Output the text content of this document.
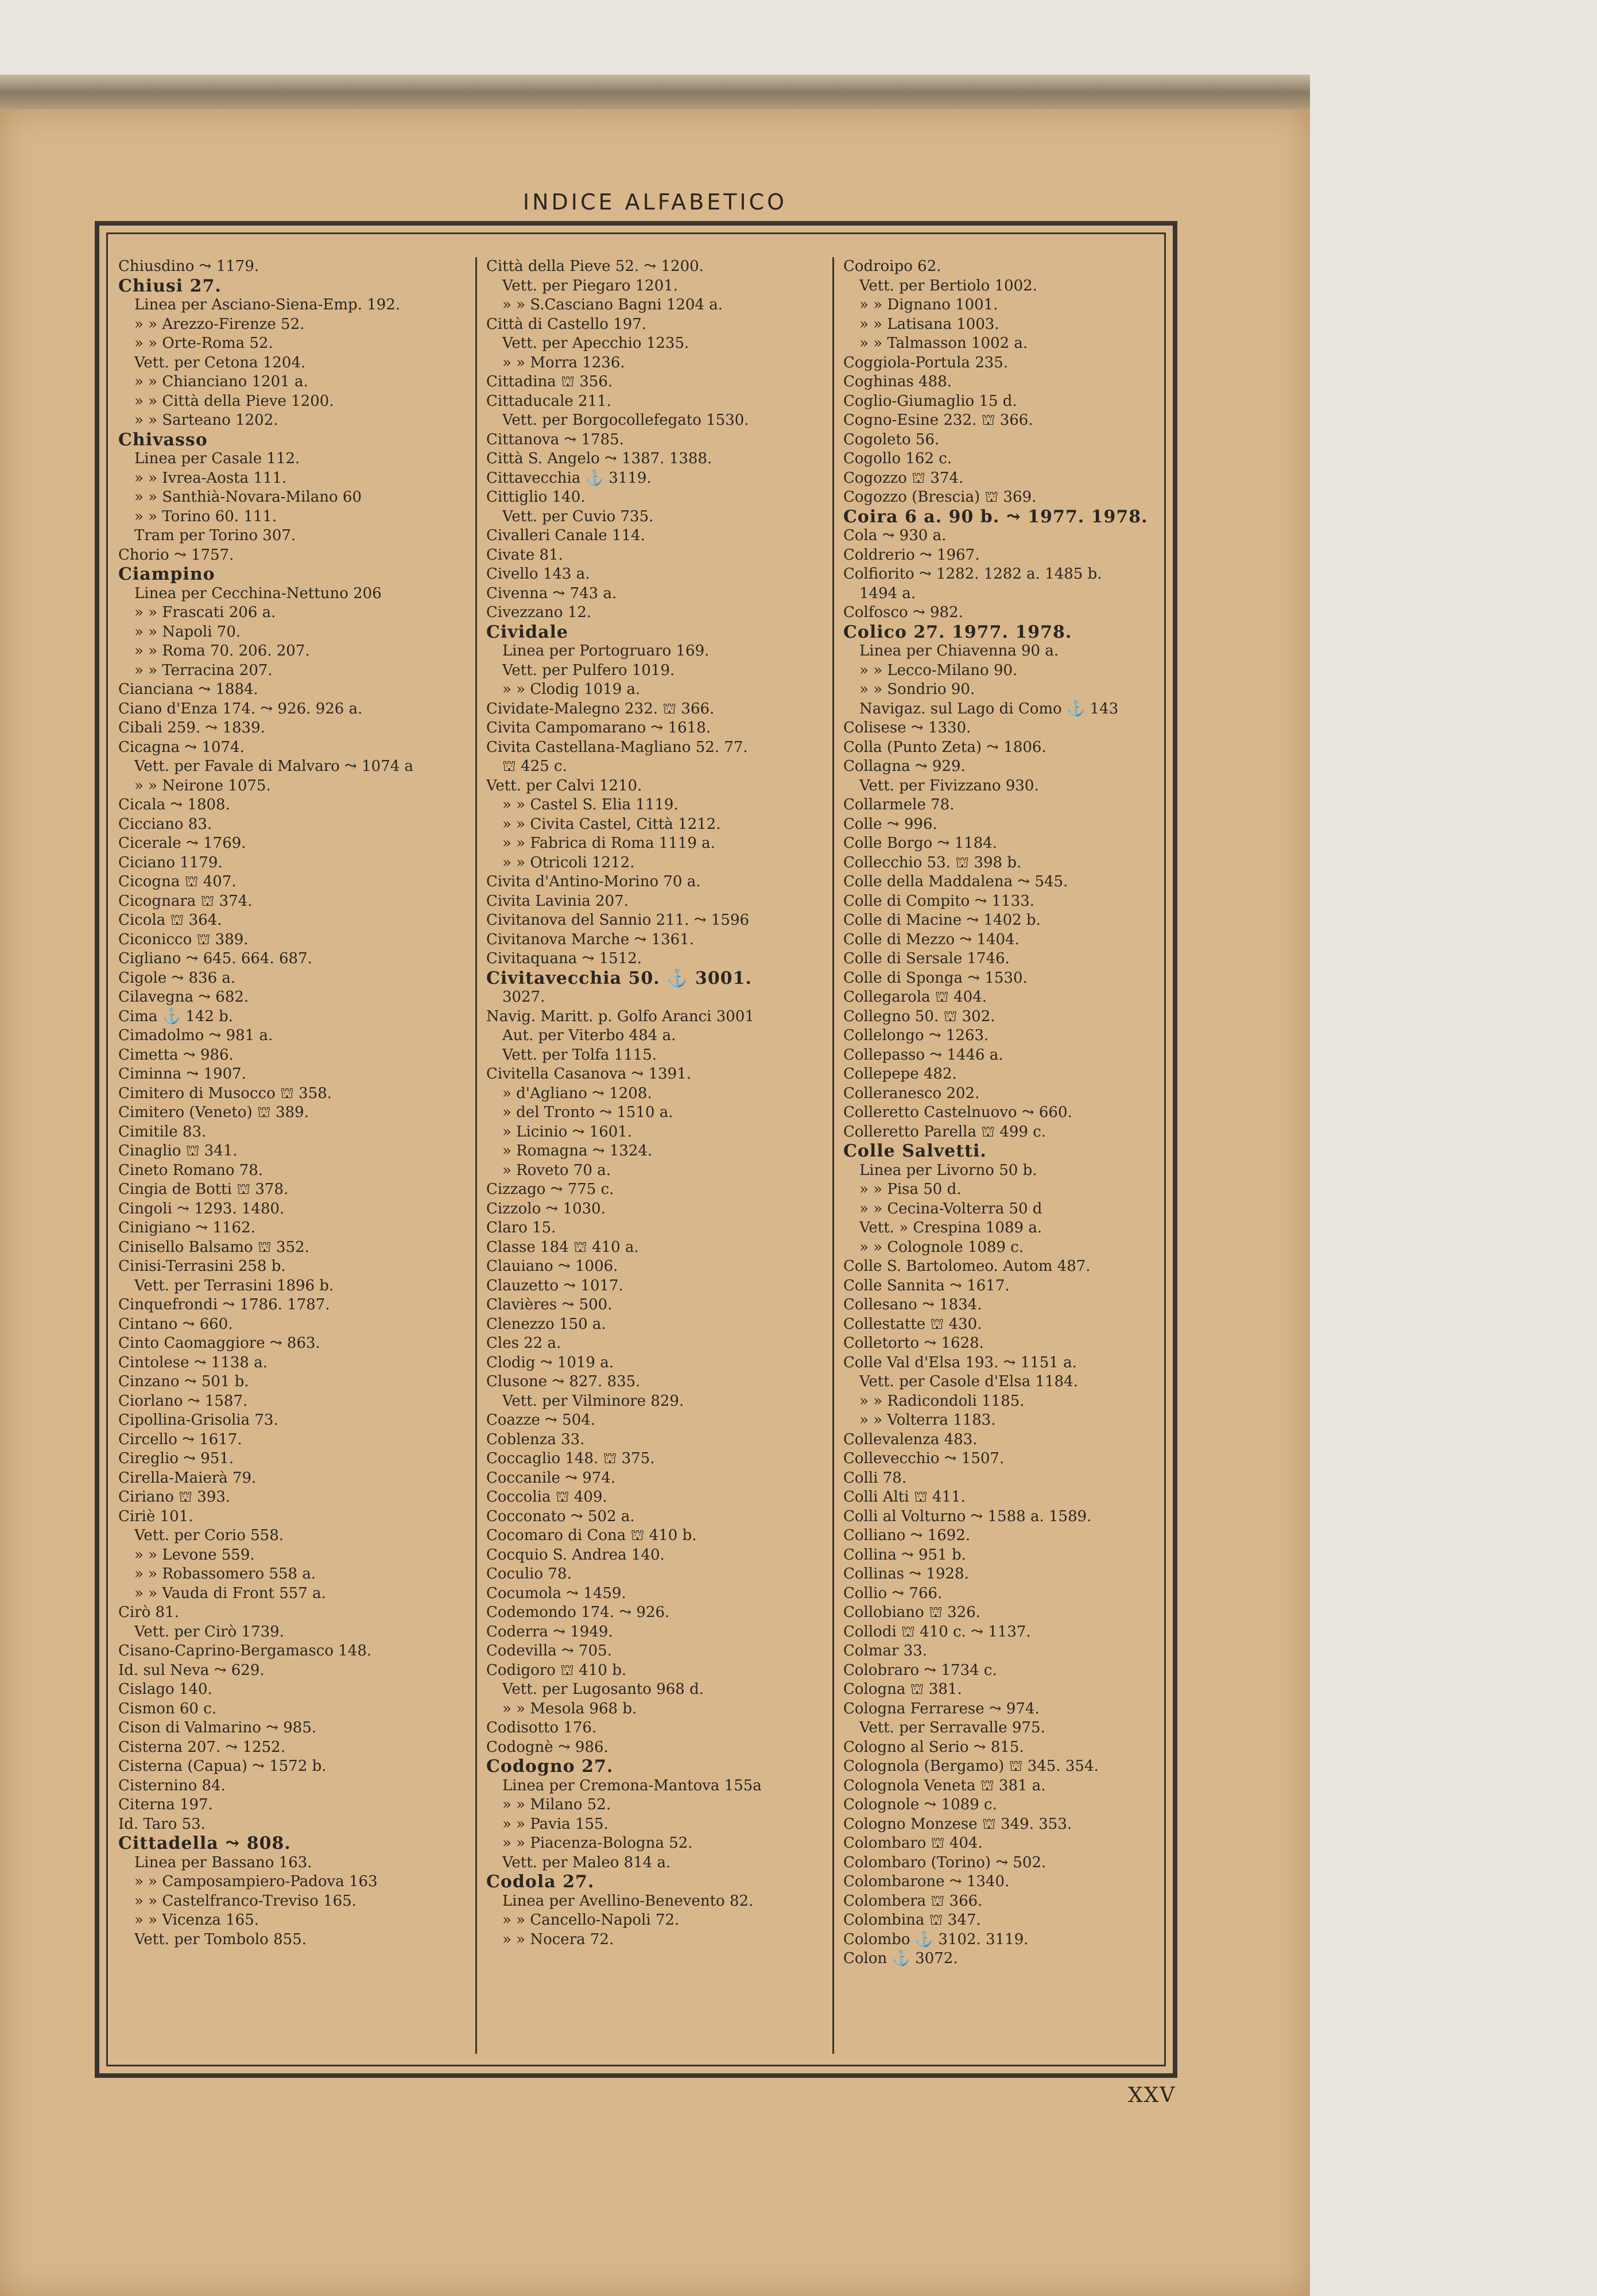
INDICE ALFABETICO
Chiusdino ⤳ 1179.
Chiusi 27.
Linea per Asciano-Siena-Emp. 192.
» » Arezzo-Firenze 52.
» » Orte-Roma 52.
Vett. per Cetona 1204.
» » Chianciano 1201 a.
» » Città della Pieve 1200.
» » Sarteano 1202.
Chivasso
Linea per Casale 112.
» » Ivrea-Aosta 111.
» » Santhià-Novara-Milano 60
» » Torino 60. 111.
Tram per Torino 307.
Chorio ⤳ 1757.
Ciampino
Linea per Cecchina-Nettuno 206
» » Frascati 206 a.
» » Napoli 70.
» » Roma 70. 206. 207.
» » Terracina 207.
Cianciana ⤳ 1884.
Ciano d'Enza 174. ⤳ 926. 926 a.
Cibali 259. ⤳ 1839.
Cicagna ⤳ 1074.
Vett. per Favale di Malvaro ⤳ 1074 a
» » Neirone 1075.
Cicala ⤳ 1808.
Cicciano 83.
Cicerale ⤳ 1769.
Ciciano 1179.
Cicogna ⛫ 407.
Cicognara ⛫ 374.
Cicola ⛫ 364.
Ciconicco ⛫ 389.
Cigliano ⤳ 645. 664. 687.
Cigole ⤳ 836 a.
Cilavegna ⤳ 682.
Cima ⚓ 142 b.
Cimadolmo ⤳ 981 a.
Cimetta ⤳ 986.
Ciminna ⤳ 1907.
Cimitero di Musocco ⛫ 358.
Cimitero (Veneto) ⛫ 389.
Cimitile 83.
Cinaglio ⛫ 341.
Cineto Romano 78.
Cingia de Botti ⛫ 378.
Cingoli ⤳ 1293. 1480.
Cinigiano ⤳ 1162.
Cinisello Balsamo ⛫ 352.
Cinisi-Terrasini 258 b.
Vett. per Terrasini 1896 b.
Cinquefrondi ⤳ 1786. 1787.
Cintano ⤳ 660.
Cinto Caomaggiore ⤳ 863.
Cintolese ⤳ 1138 a.
Cinzano ⤳ 501 b.
Ciorlano ⤳ 1587.
Cipollina-Grisolia 73.
Circello ⤳ 1617.
Cireglio ⤳ 951.
Cirella-Maierà 79.
Ciriano ⛫ 393.
Ciriè 101.
Vett. per Corio 558.
» » Levone 559.
» » Robassomero 558 a.
» » Vauda di Front 557 a.
Cirò 81.
Vett. per Cirò 1739.
Cisano-Caprino-Bergamasco 148.
Id. sul Neva ⤳ 629.
Cislago 140.
Cismon 60 c.
Cison di Valmarino ⤳ 985.
Cisterna 207. ⤳ 1252.
Cisterna (Capua) ⤳ 1572 b.
Cisternino 84.
Citerna 197.
Id. Taro 53.
Cittadella ⤳ 808.
Linea per Bassano 163.
» » Camposampiero-Padova 163
» » Castelfranco-Treviso 165.
» » Vicenza 165.
Vett. per Tombolo 855.
Città della Pieve 52. ⤳ 1200.
Vett. per Piegaro 1201.
» » S.Casciano Bagni 1204 a.
Città di Castello 197.
Vett. per Apecchio 1235.
» » Morra 1236.
Cittadina ⛫ 356.
Cittaducale 211.
Vett. per Borgocollefegato 1530.
Cittanova ⤳ 1785.
Città S. Angelo ⤳ 1387. 1388.
Cittavecchia ⚓ 3119.
Cittiglio 140.
Vett. per Cuvio 735.
Civalleri Canale 114.
Civate 81.
Civello 143 a.
Civenna ⤳ 743 a.
Civezzano 12.
Cividale
Linea per Portogruaro 169.
Vett. per Pulfero 1019.
» » Clodig 1019 a.
Cividate-Malegno 232. ⛫ 366.
Civita Campomarano ⤳ 1618.
Civita Castellana-Magliano 52. 77.
⛫ 425 c.
Vett. per Calvi 1210.
» » Castel S. Elia 1119.
» » Civita Castel, Città 1212.
» » Fabrica di Roma 1119 a.
» » Otricoli 1212.
Civita d'Antino-Morino 70 a.
Civita Lavinia 207.
Civitanova del Sannio 211. ⤳ 1596
Civitanova Marche ⤳ 1361.
Civitaquana ⤳ 1512.
Civitavecchia 50. ⚓ 3001.
3027.
Navig. Maritt. p. Golfo Aranci 3001
Aut. per Viterbo 484 a.
Vett. per Tolfa 1115.
Civitella Casanova ⤳ 1391.
» d'Agliano ⤳ 1208.
» del Tronto ⤳ 1510 a.
» Licinio ⤳ 1601.
» Romagna ⤳ 1324.
» Roveto 70 a.
Cizzago ⤳ 775 c.
Cizzolo ⤳ 1030.
Claro 15.
Classe 184 ⛫ 410 a.
Clauiano ⤳ 1006.
Clauzetto ⤳ 1017.
Clavières ⤳ 500.
Clenezzo 150 a.
Cles 22 a.
Clodig ⤳ 1019 a.
Clusone ⤳ 827. 835.
Vett. per Vilminore 829.
Coazze ⤳ 504.
Coblenza 33.
Coccaglio 148. ⛫ 375.
Coccanile ⤳ 974.
Coccolia ⛫ 409.
Cocconato ⤳ 502 a.
Cocomaro di Cona ⛫ 410 b.
Cocquio S. Andrea 140.
Coculio 78.
Cocumola ⤳ 1459.
Codemondo 174. ⤳ 926.
Coderra ⤳ 1949.
Codevilla ⤳ 705.
Codigoro ⛫ 410 b.
Vett. per Lugosanto 968 d.
» » Mesola 968 b.
Codisotto 176.
Codognè ⤳ 986.
Codogno 27.
Linea per Cremona-Mantova 155a
» » Milano 52.
» » Pavia 155.
» » Piacenza-Bologna 52.
Vett. per Maleo 814 a.
Codola 27.
Linea per Avellino-Benevento 82.
» » Cancello-Napoli 72.
» » Nocera 72.
Codroipo 62.
Vett. per Bertiolo 1002.
» » Dignano 1001.
» » Latisana 1003.
» » Talmasson 1002 a.
Coggiola-Portula 235.
Coghinas 488.
Coglio-Giumaglio 15 d.
Cogno-Esine 232. ⛫ 366.
Cogoleto 56.
Cogollo 162 c.
Cogozzo ⛫ 374.
Cogozzo (Brescia) ⛫ 369.
Coira 6 a. 90 b. ⤳ 1977. 1978.
Cola ⤳ 930 a.
Coldrerio ⤳ 1967.
Colfiorito ⤳ 1282. 1282 a. 1485 b.
1494 a.
Colfosco ⤳ 982.
Colico 27. 1977. 1978.
Linea per Chiavenna 90 a.
» » Lecco-Milano 90.
» » Sondrio 90.
Navigaz. sul Lago di Como ⚓ 143
Colisese ⤳ 1330.
Colla (Punto Zeta) ⤳ 1806.
Collagna ⤳ 929.
Vett. per Fivizzano 930.
Collarmele 78.
Colle ⤳ 996.
Colle Borgo ⤳ 1184.
Collecchio 53. ⛫ 398 b.
Colle della Maddalena ⤳ 545.
Colle di Compito ⤳ 1133.
Colle di Macine ⤳ 1402 b.
Colle di Mezzo ⤳ 1404.
Colle di Sersale 1746.
Colle di Sponga ⤳ 1530.
Collegarola ⛫ 404.
Collegno 50. ⛫ 302.
Collelongo ⤳ 1263.
Collepasso ⤳ 1446 a.
Collepepe 482.
Colleranesco 202.
Colleretto Castelnuovo ⤳ 660.
Colleretto Parella ⛫ 499 c.
Colle Salvetti.
Linea per Livorno 50 b.
» » Pisa 50 d.
» » Cecina-Volterra 50 d
Vett. » Crespina 1089 a.
» » Colognole 1089 c.
Colle S. Bartolomeo. Autom 487.
Colle Sannita ⤳ 1617.
Collesano ⤳ 1834.
Collestatte ⛫ 430.
Colletorto ⤳ 1628.
Colle Val d'Elsa 193. ⤳ 1151 a.
Vett. per Casole d'Elsa 1184.
» » Radicondoli 1185.
» » Volterra 1183.
Collevalenza 483.
Collevecchio ⤳ 1507.
Colli 78.
Colli Alti ⛫ 411.
Colli al Volturno ⤳ 1588 a. 1589.
Colliano ⤳ 1692.
Collina ⤳ 951 b.
Collinas ⤳ 1928.
Collio ⤳ 766.
Collobiano ⛫ 326.
Collodi ⛫ 410 c. ⤳ 1137.
Colmar 33.
Colobraro ⤳ 1734 c.
Cologna ⛫ 381.
Cologna Ferrarese ⤳ 974.
Vett. per Serravalle 975.
Cologno al Serio ⤳ 815.
Colognola (Bergamo) ⛫ 345. 354.
Colognola Veneta ⛫ 381 a.
Colognole ⤳ 1089 c.
Cologno Monzese ⛫ 349. 353.
Colombaro ⛫ 404.
Colombaro (Torino) ⤳ 502.
Colombarone ⤳ 1340.
Colombera ⛫ 366.
Colombina ⛫ 347.
Colombo ⚓ 3102. 3119.
Colon ⚓ 3072.
XXV
